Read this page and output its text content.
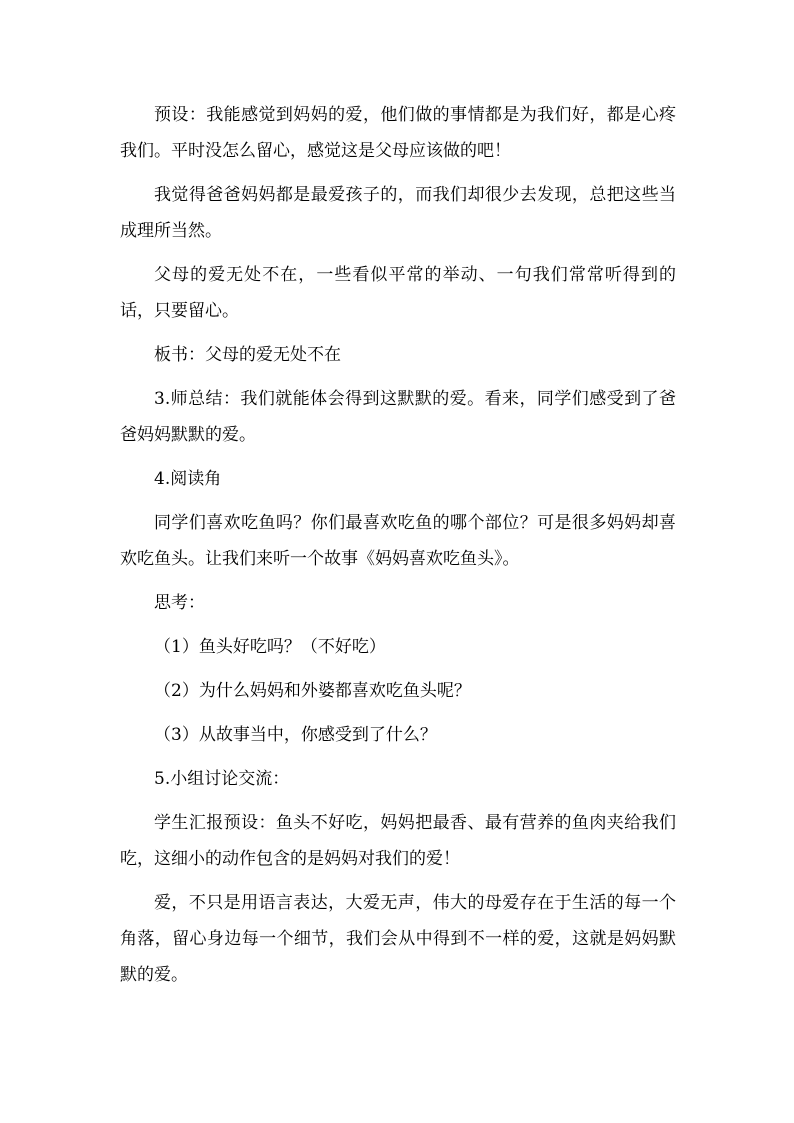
预设：我能感觉到妈妈的爱，他们做的事情都是为我们好，都是心疼我们。平时没怎么留心，感觉这是父母应该做的吧！

我觉得爸爸妈妈都是最爱孩子的，而我们却很少去发现，总把这些当成理所当然。

父母的爱无处不在，一些看似平常的举动、一句我们常常听得到的话，只要留心。

板书：父母的爱无处不在

3.师总结：我们就能体会得到这默默的爱。看来，同学们感受到了爸爸妈妈默默的爱。

4.阅读角

同学们喜欢吃鱼吗？你们最喜欢吃鱼的哪个部位？可是很多妈妈却喜欢吃鱼头。让我们来听一个故事《妈妈喜欢吃鱼头》。

思考：

（1）鱼头好吃吗？（不好吃）

（2）为什么妈妈和外婆都喜欢吃鱼头呢？

（3）从故事当中，你感受到了什么？

5.小组讨论交流：

学生汇报预设：鱼头不好吃，妈妈把最香、最有营养的鱼肉夹给我们吃，这细小的动作包含的是妈妈对我们的爱！

爱，不只是用语言表达，大爱无声，伟大的母爱存在于生活的每一个角落，留心身边每一个细节，我们会从中得到不一样的爱，这就是妈妈默默的爱。
